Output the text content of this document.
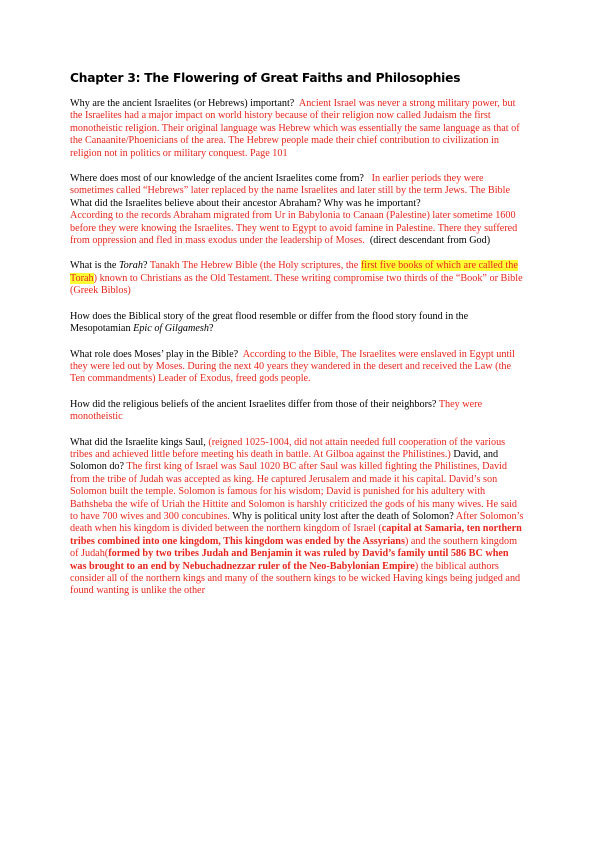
Chapter 3: The Flowering of Great Faiths and Philosophies

Why are the ancient Israelites (or Hebrews) important? Ancient Israel was never a strong military power, but the Israelites had a major impact on world history because of their religion now called Judaism the first monotheistic religion. Their original language was Hebrew which was essentially the same language as that of the Canaanite/Phoenicians of the area. The Hebrew people made their chief contribution to civilization in religion not in politics or military conquest. Page 101

Where does most of our knowledge of the ancient Israelites come from? In earlier periods they were sometimes called “Hebrews” later replaced by the name Israelites and later still by the term Jews. The Bible

What did the Israelites believe about their ancestor Abraham? Why was he important?
According to the records Abraham migrated from Ur in Babylonia to Canaan (Palestine) later sometime 1600 before they were knowing the Israelites. They went to Egypt to avoid famine in Palestine. There they suffered from oppression and fled in mass exodus under the leadership of Moses. (direct descendant from God)

What is the Torah? Tanakh The Hebrew Bible (the Holy scriptures, the first five books of which are called the Torah) known to Christians as the Old Testament. These writing compromise two thirds of the “Book” or Bible (Greek Biblos)

How does the Biblical story of the great flood resemble or differ from the flood story found in the Mesopotamian Epic of Gilgamesh?

What role does Moses’ play in the Bible? According to the Bible, The Israelites were enslaved in Egypt until they were led out by Moses. During the next 40 years they wandered in the desert and received the Law (the Ten commandments) Leader of Exodus, freed gods people.

How did the religious beliefs of the ancient Israelites differ from those of their neighbors? They were monotheistic

What did the Israelite kings Saul, (reigned 1025-1004, did not attain needed full cooperation of the various tribes and achieved little before meeting his death in battle. At Gilboa against the Philistines.) David, and Solomon do? The first king of Israel was Saul 1020 BC after Saul was killed fighting the Philistines, David from the tribe of Judah was accepted as king. He captured Jerusalem and made it his capital. David’s son Solomon built the temple. Solomon is famous for his wisdom; David is punished for his adultery with Bathsheba the wife of Uriah the Hittite and Solomon is harshly criticized the gods of his many wives. He said to have 700 wives and 300 concubines. Why is political unity lost after the death of Solomon? After Solomon’s death when his kingdom is divided between the northern kingdom of Israel (capital at Samaria, ten northern tribes combined into one kingdom, This kingdom was ended by the Assyrians) and the southern kingdom of Judah(formed by two tribes Judah and Benjamin it was ruled by David’s family until 586 BC when was brought to an end by Nebuchadnezzar ruler of the Neo-Babylonian Empire) the biblical authors consider all of the northern kings and many of the southern kings to be wicked Having kings being judged and found wanting is unlike the other
